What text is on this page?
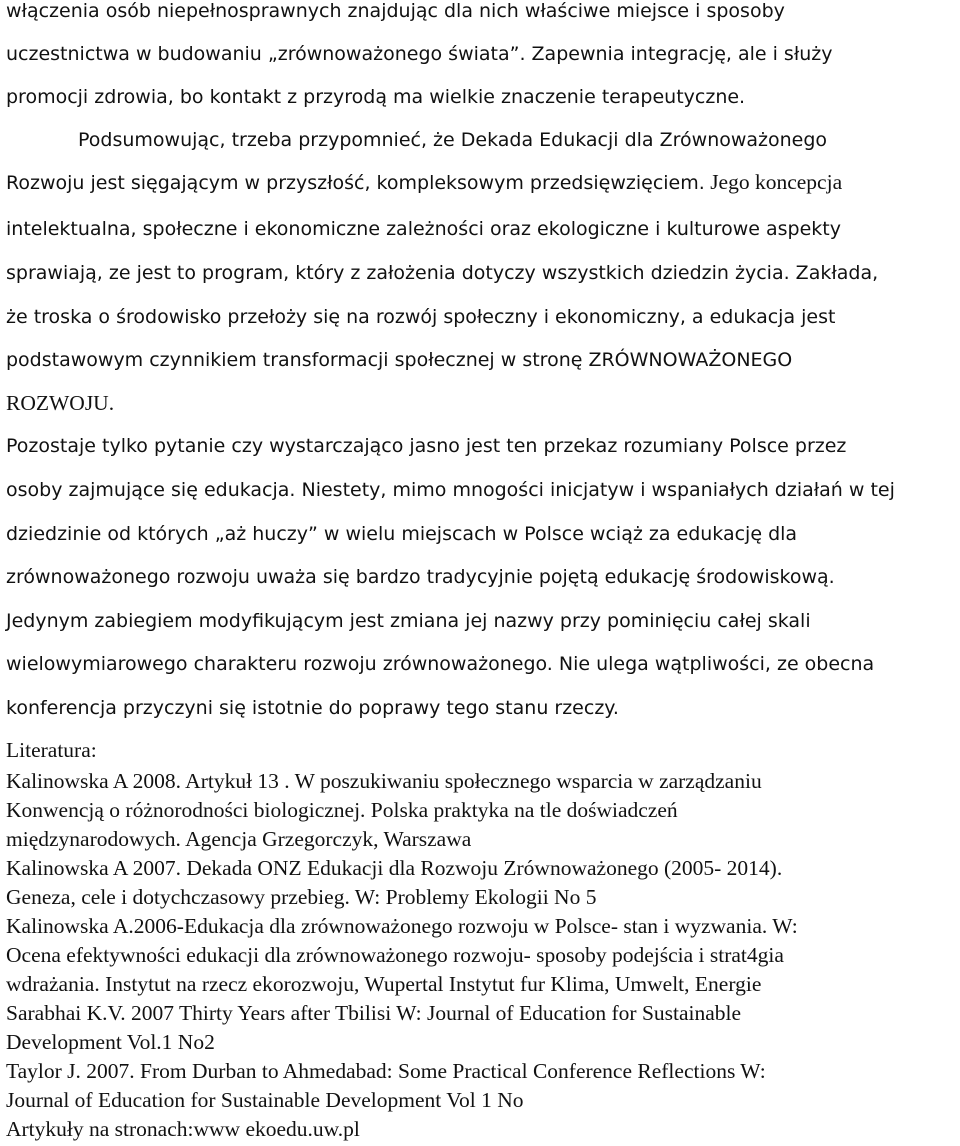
włączenia osób niepełnosprawnych znajdując dla nich właściwe miejsce i sposoby
uczestnictwa w budowaniu „zrównoważonego świata”. Zapewnia integrację, ale i służy
promocji zdrowia, bo kontakt z przyrodą ma wielkie znaczenie terapeutyczne.
Podsumowując, trzeba przypomnieć, że Dekada Edukacji dla Zrównoważonego
Rozwoju jest sięgającym w przyszłość, kompleksowym przedsięwzięciem. Jego koncepcja
intelektualna, społeczne i ekonomiczne zależności oraz ekologiczne i kulturowe aspekty
sprawiają, ze jest to program, który z założenia dotyczy wszystkich dziedzin życia. Zakłada,
że troska o środowisko przełoży się na rozwój społeczny i ekonomiczny, a edukacja jest
podstawowym czynnikiem transformacji społecznej w stronę ZRÓWNOWAŻONEGO
ROZWOJU.
Pozostaje tylko pytanie czy wystarczająco jasno jest ten przekaz rozumiany Polsce przez
osoby zajmujące się edukacja. Niestety, mimo mnogości inicjatyw i wspaniałych działań w tej
dziedzinie od których „aż huczy” w wielu miejscach w Polsce wciąż za edukację dla
zrównoważonego rozwoju uważa się bardzo tradycyjnie pojętą edukację środowiskową.
Jedynym zabiegiem modyfikującym jest zmiana jej nazwy przy pominięciu całej skali
wielowymiarowego charakteru rozwoju zrównoważonego. Nie ulega wątpliwości, ze obecna
konferencja przyczyni się istotnie do poprawy tego stanu rzeczy.
Literatura:
Kalinowska A 2008. Artykuł 13 . W poszukiwaniu społecznego wsparcia w zarządzaniu
Konwencją o różnorodności biologicznej. Polska praktyka na tle doświadczeń
międzynarodowych. Agencja Grzegorczyk, Warszawa
Kalinowska A 2007. Dekada ONZ Edukacji dla Rozwoju Zrównoważonego (2005- 2014).
Geneza, cele i dotychczasowy przebieg. W: Problemy Ekologii No 5
Kalinowska A.2006-Edukacja dla zrównoważonego rozwoju w Polsce- stan i wyzwania. W:
Ocena efektywności edukacji dla zrównoważonego rozwoju- sposoby podejścia i strat4gia
wdrażania. Instytut na rzecz ekorozwoju, Wupertal Instytut fur Klima, Umwelt, Energie
Sarabhai K.V. 2007 Thirty Years after Tbilisi W: Journal of Education for Sustainable
Development Vol.1 No2
Taylor J. 2007. From Durban to Ahmedabad: Some Practical Conference Reflections W:
Journal of Education for Sustainable Development Vol 1 No
Artykuły na stronach:www ekoedu.uw.pl
